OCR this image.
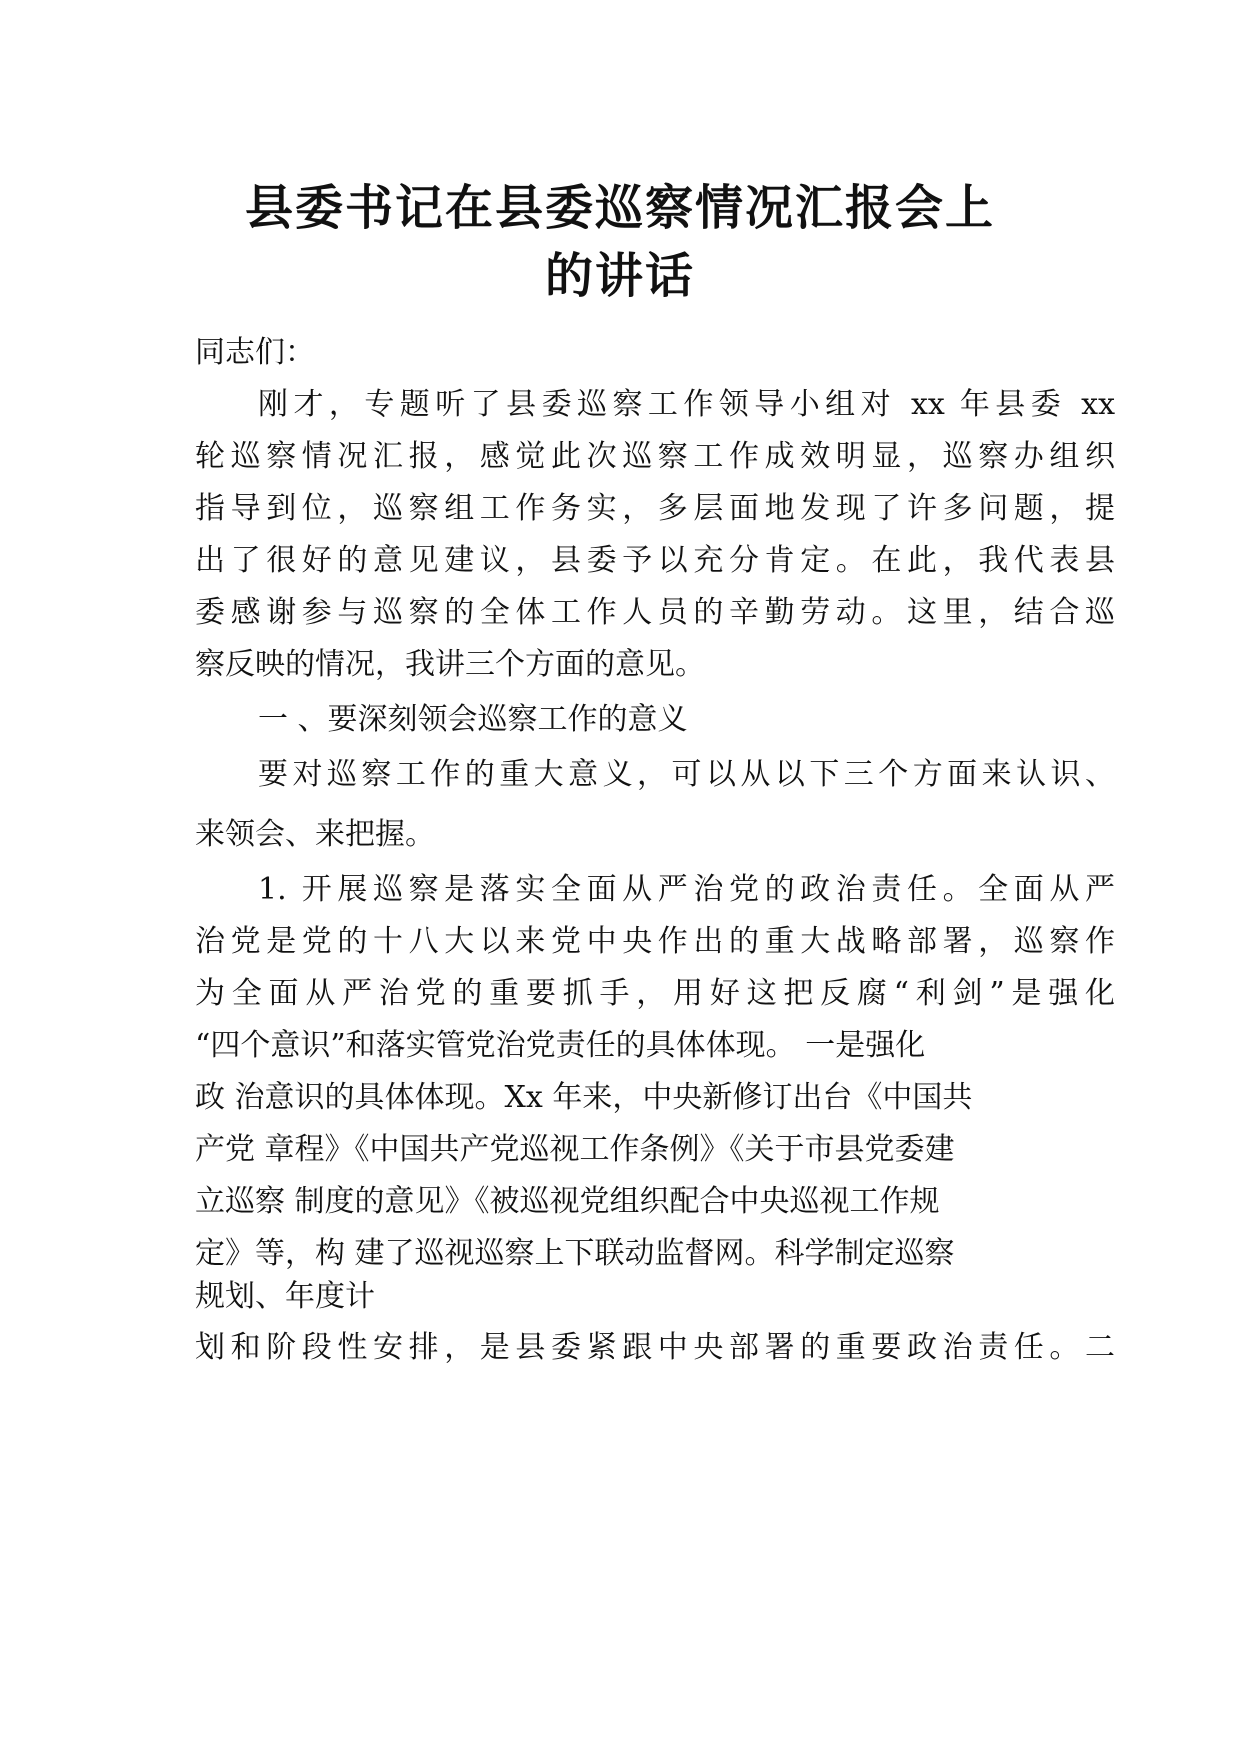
县委书记在县委巡察情况汇报会上
的讲话
同志们：
刚才，专题听了县委巡察工作领导小组对 xx 年县委 xx
轮巡察情况汇报，感觉此次巡察工作成效明显，巡察办组织
指导到位，巡察组工作务实，多层面地发现了许多问题，提
出了很好的意见建议，县委予以充分肯定。在此，我代表县
委感谢参与巡察的全体工作人员的辛勤劳动。这里，结合巡
察反映的情况，我讲三个方面的意见。
一 、要深刻领会巡察工作的意义
要对巡察工作的重大意义，可以从以下三个方面来认识、
来领会、来把握。
1. 开展巡察是落实全面从严治党的政治责任。全面从严
治党是党的十八大以来党中央作出的重大战略部署，巡察作
为全面从严治党的重要抓手，用好这把反腐“利剑”是强化
“四个意识”和落实管党治党责任的具体体现。 一是强化
政 治意识的具体体现。Xx 年来，中央新修订出台《中国共
产党 章程》《中国共产党巡视工作条例》《关于市县党委建
立巡察 制度的意见》《被巡视党组织配合中央巡视工作规
定》等，构 建了巡视巡察上下联动监督网。科学制定巡察
规划、年度计
划和阶段性安排，是县委紧跟中央部署的重要政治责任。二
